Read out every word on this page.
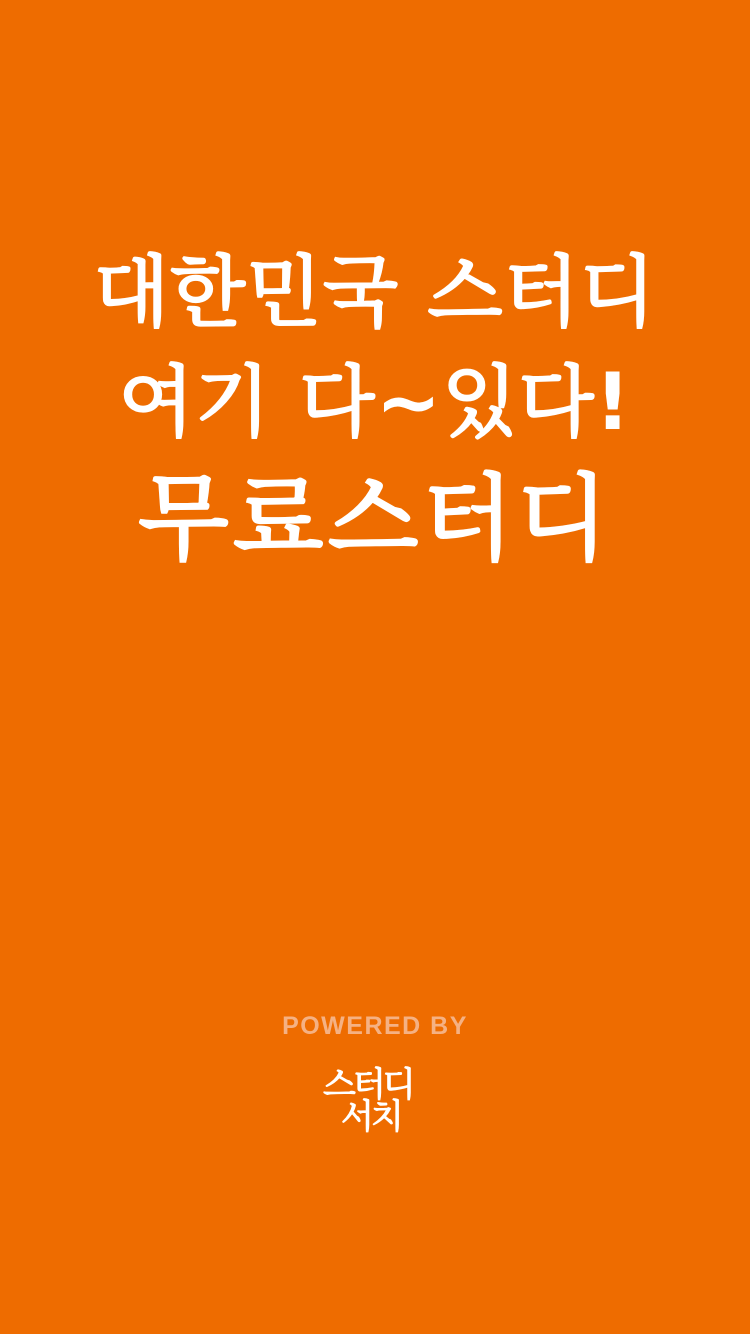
대한민국 스터디
여기 다~있다!
무료스터디
POWERED BY
스터디
서치
